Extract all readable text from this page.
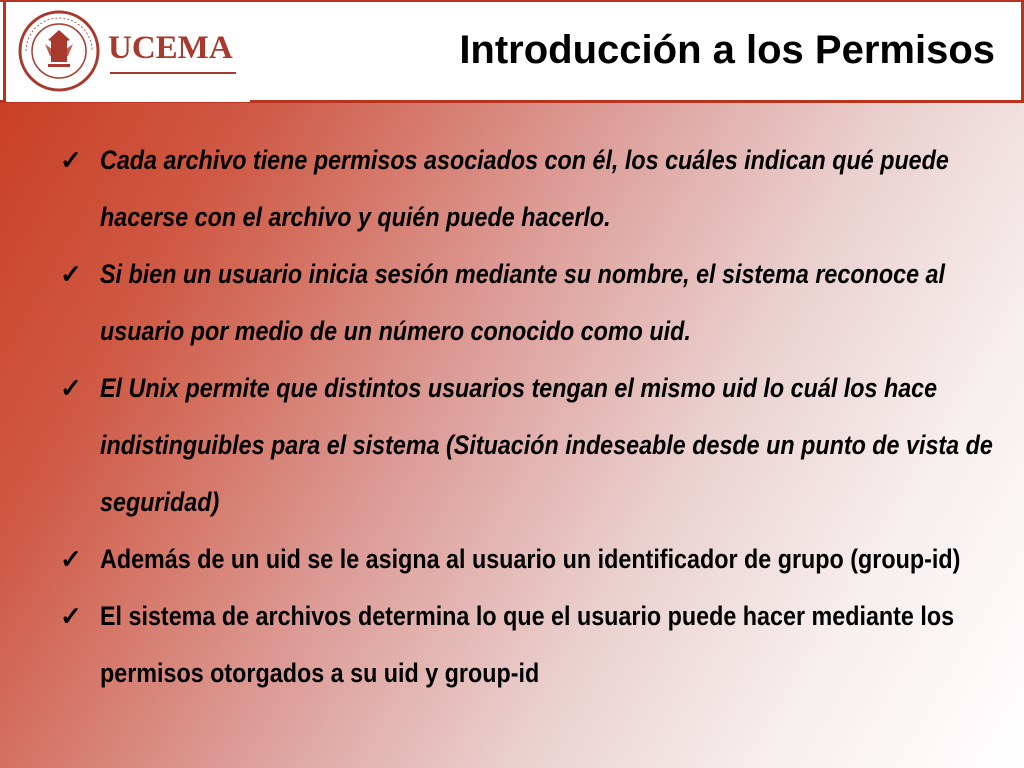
UCEMA	Introducción a los Permisos
✓ Cada archivo tiene permisos asociados con él, los cuáles indican qué puede hacerse con el archivo y quién puede hacerlo.
✓ Si bien un usuario inicia sesión mediante su nombre, el sistema reconoce al usuario por medio de un número conocido como uid.
✓ El Unix permite que distintos usuarios tengan el mismo uid lo cuál los hace indistinguibles para el sistema (Situación indeseable desde un punto de vista de seguridad)
✓ Además de un uid se le asigna al usuario un identificador de grupo (group-id)
✓ El sistema de archivos determina lo que el usuario puede hacer mediante los permisos otorgados a su uid y group-id
